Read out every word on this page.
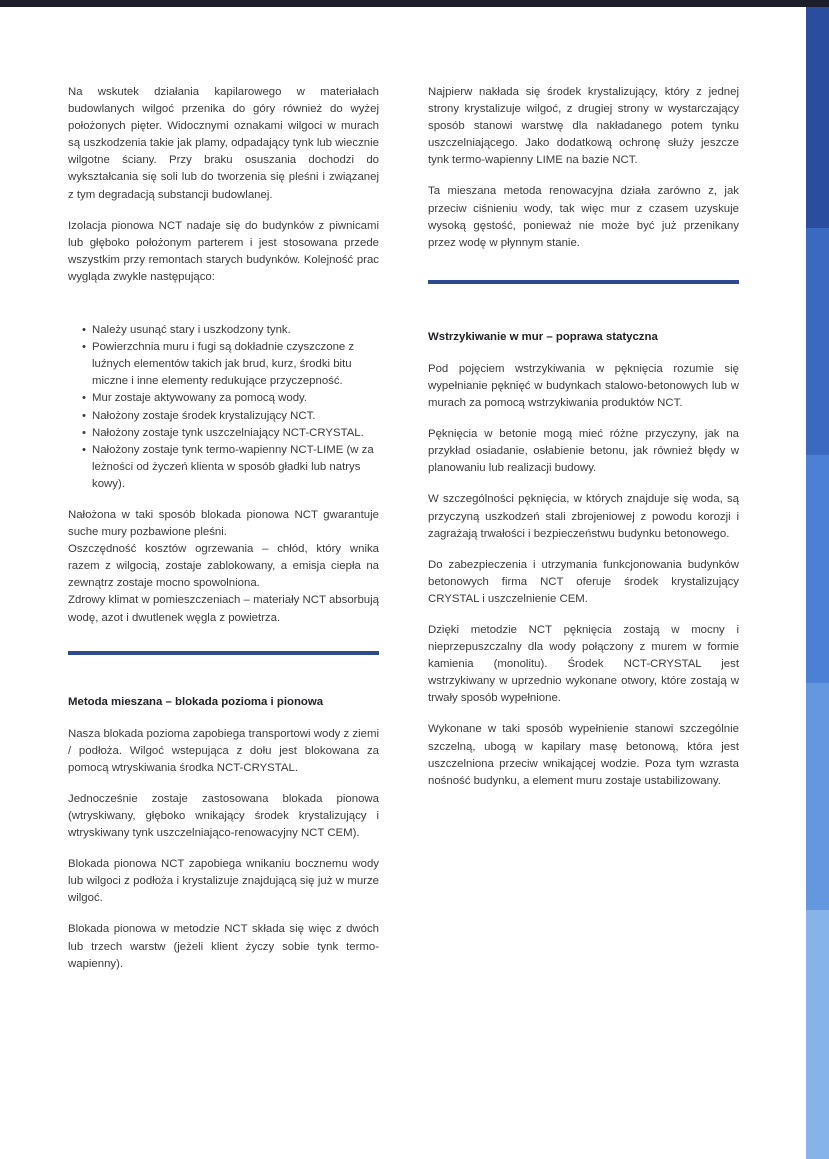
Na wskutek działania kapilarowego w materiałach budowlanych wilgoć przenika do góry również do wyżej położonych pięter. Widocznymi oznakami wilgoci w murach są uszkodzenia takie jak plamy, odpadający tynk lub wiecznie wilgotne ściany. Przy braku osuszania dochodzi do wykształcania się soli lub do tworzenia się pleśni i związanej z tym degradacją substancji budowlanej.

Izolacja pionowa NCT nadaje się do budynków z piwnicami lub głęboko położonym parterem i jest stosowana przede wszystkim przy remontach starych budynków. Kolejność prac wygląda zwykle następująco:

• Należy usunąć stary i uszkodzony tynk.
• Powierzchnia muru i fugi są dokładnie czyszczone z luźnych elementów takich jak brud, kurz, środki bitu miczne i inne elementy redukujące przyczepność.
• Mur zostaje aktywowany za pomocą wody.
• Nałożony zostaje środek krystalizujący NCT.
• Nałożony zostaje tynk uszczelniający NCT-CRYSTAL.
• Nałożony zostaje tynk termo-wapienny NCT-LIME (w za leżności od życzeń klienta w sposób gładki lub natrys kowy).

Nałożona w taki sposób blokada pionowa NCT gwarantuje suche mury pozbawione pleśni.

Oszczędność kosztów ogrzewania – chłód, który wnika razem z wilgocią, zostaje zablokowany, a emisja ciepła na zewnątrz zostaje mocno spowolniona.

Zdrowy klimat w pomieszczeniach – materiały NCT absorbują wodę, azot i dwutlenek węgla z powietrza.

Metoda mieszana – blokada pozioma i pionowa

Nasza blokada pozioma zapobiega transportowi wody z ziemi / podłoża. Wilgoć wstepująca z dołu jest blokowana za pomocą wtryskiwania środka NCT-CRYSTAL.

Jednocześnie zostaje zastosowana blokada pionowa (wtryskiwany, głęboko wnikający środek krystalizujący i wtryskiwany tynk uszczelniająco-renowacyjny NCT CEM).

Blokada pionowa NCT zapobiega wnikaniu bocznemu wody lub wilgoci z podłoża i krystalizuje znajdującą się już w murze wilgoć.

Blokada pionowa w metodzie NCT składa się więc z dwóch lub trzech warstw (jeżeli klient życzy sobie tynk termo-wapienny).

Najpierw nakłada się środek krystalizujący, który z jednej strony krystalizuje wilgoć, z drugiej strony w wystarczający sposób stanowi warstwę dla nakładanego potem tynku uszczelniającego. Jako dodatkową ochronę służy jeszcze tynk termo-wapienny LIME na bazie NCT.

Ta mieszana metoda renowacyjna działa zarówno z, jak przeciw ciśnieniu wody, tak więc mur z czasem uzyskuje wysoką gęstość, ponieważ nie może być już przenikany przez wodę w płynnym stanie.

Wstrzykiwanie w mur – poprawa statyczna

Pod pojęciem wstrzykiwania w pęknięcia rozumie się wypełnianie pęknięć w budynkach stalowo-betonowych lub w murach za pomocą wstrzykiwania produktów NCT.

Pęknięcia w betonie mogą mieć różne przyczyny, jak na przykład osiadanie, osłabienie betonu, jak również błędy w planowaniu lub realizacji budowy.

W szczególności pęknięcia, w których znajduje się woda, są przyczyną uszkodzeń stali zbrojeniowej z powodu korozji i zagrażają trwałości i bezpieczeństwu budynku betonowego.

Do zabezpieczenia i utrzymania funkcjonowania budynków betonowych firma NCT oferuje środek krystalizujący CRYSTAL i uszczelnienie CEM.

Dzięki metodzie NCT pęknięcia zostają w mocny i nieprzepuszczalny dla wody połączony z murem w formie kamienia (monolitu). Środek NCT-CRYSTAL jest wstrzykiwany w uprzednio wykonane otwory, które zostają w trwały sposób wypełnione.

Wykonane w taki sposób wypełnienie stanowi szczególnie szczelną, ubogą w kapilary masę betonową, która jest uszczelniona przeciw wnikającej wodzie. Poza tym wzrasta nośność budynku, a element muru zostaje ustabilizowany.
